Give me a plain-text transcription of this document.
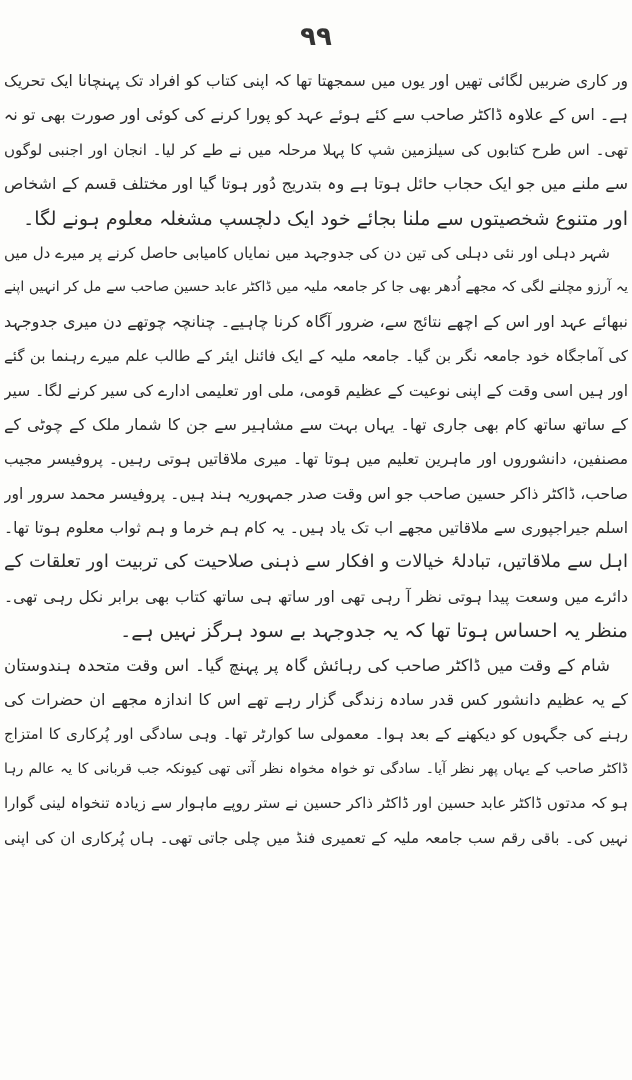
۹۹
ور کاری ضربیں لگائی تھیں اور یوں میں سمجھتا تھا کہ اپنی کتاب کو افراد تک پہنچانا ایک تحریک
ہے۔ اس کے علاوہ ڈاکٹر صاحب سے کئے ہوئے عہد کو پورا کرنے کی کوئی اور صورت بھی تو نہ
تھی۔ اس طرح کتابوں کی سیلزمین شپ کا پہلا مرحلہ میں نے طے کر لیا۔ انجان اور اجنبی لوگوں
سے ملنے میں جو ایک حجاب حائل ہوتا ہے وہ بتدریج دُور ہوتا گیا اور مختلف قسم کے اشخاص
اور متنوع شخصیتوں سے ملنا بجائے خود ایک دلچسپ مشغلہ معلوم ہونے لگا۔
شہر دہلی اور نئی دہلی کی تین دن کی جدوجہد میں نمایاں کامیابی حاصل کرنے پر میرے دل میں
یہ آرزو مچلنے لگی کہ مجھے اُدھر بھی جا کر جامعہ ملیہ میں ڈاکٹر عابد حسین صاحب سے مل کر انہیں اپنے
نبھائے عہد اور اس کے اچھے نتائج سے، ضرور آگاہ کرنا چاہیے۔ چنانچہ چوتھے دن میری جدوجہد
کی آماجگاہ خود جامعہ نگر بن گیا۔ جامعہ ملیہ کے ایک فائنل ایئر کے طالب علم میرے رہنما بن گئے
اور ہیں اسی وقت کے اپنی نوعیت کے عظیم قومی، ملی اور تعلیمی ادارے کی سیر کرنے لگا۔ سیر
کے ساتھ ساتھ کام بھی جاری تھا۔ یہاں بہت سے مشاہیر سے جن کا شمار ملک کے چوٹی کے
مصنفین، دانشوروں اور ماہرین تعلیم میں ہوتا تھا۔ میری ملاقاتیں ہوتی رہیں۔ پروفیسر مجیب
صاحب، ڈاکٹر ذاکر حسین صاحب جو اس وقت صدر جمہوریہ ہند ہیں۔ پروفیسر محمد سرور اور
اسلم جیراجپوری سے ملاقاتیں مجھے اب تک یاد ہیں۔ یہ کام ہم خرما و ہم ثواب معلوم ہوتا تھا۔
اہل سے ملاقاتیں، تبادلۂ خیالات و افکار سے ذہنی صلاحیت کی تربیت اور تعلقات کے
دائرے میں وسعت پیدا ہوتی نظر آ رہی تھی اور ساتھ ہی ساتھ کتاب بھی برابر نکل رہی تھی۔
منظر یہ احساس ہوتا تھا کہ یہ جدوجہد بے سود ہرگز نہیں ہے۔
شام کے وقت میں ڈاکٹر صاحب کی رہائش گاہ پر پہنچ گیا۔ اس وقت متحدہ ہندوستان
کے یہ عظیم دانشور کس قدر سادہ زندگی گزار رہے تھے اس کا اندازہ مجھے ان حضرات کی
رہنے کی جگہوں کو دیکھنے کے بعد ہوا۔ معمولی سا کوارٹر تھا۔ وہی سادگی اور پُرکاری کا امتزاج
ڈاکٹر صاحب کے یہاں پھر نظر آیا۔ سادگی تو خواہ مخواہ نظر آتی تھی کیونکہ جب قربانی کا یہ عالم رہا
ہو کہ مدتوں ڈاکٹر عابد حسین اور ڈاکٹر ذاکر حسین نے ستر روپے ماہوار سے زیادہ تنخواہ لینی گوارا
نہیں کی۔ باقی رقم سب جامعہ ملیہ کے تعمیری فنڈ میں چلی جاتی تھی۔ ہاں پُرکاری ان کی اپنی
